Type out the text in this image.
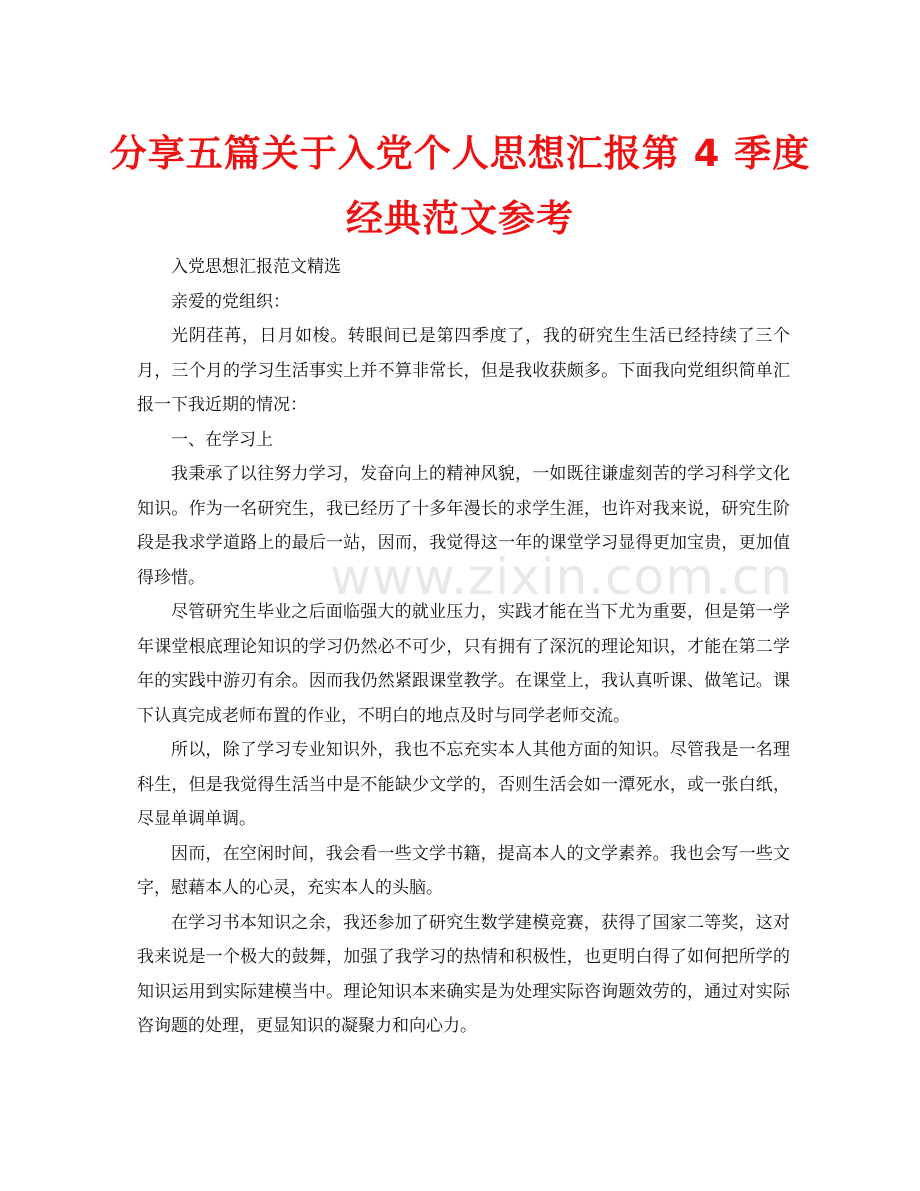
分享五篇关于入党个人思想汇报第 4 季度
经典范文参考

入党思想汇报范文精选

亲爱的党组织：

光阴荏苒，日月如梭。转眼间已是第四季度了，我的研究生生活已经持续了三个月，三个月的学习生活事实上并不算非常长，但是我收获颇多。下面我向党组织简单汇报一下我近期的情况：

一、在学习上

我秉承了以往努力学习，发奋向上的精神风貌，一如既往谦虚刻苦的学习科学文化知识。作为一名研究生，我已经历了十多年漫长的求学生涯，也许对我来说，研究生阶段是我求学道路上的最后一站，因而，我觉得这一年的课堂学习显得更加宝贵，更加值得珍惜。

尽管研究生毕业之后面临强大的就业压力，实践才能在当下尤为重要，但是第一学年课堂根底理论知识的学习仍然必不可少，只有拥有了深沉的理论知识，才能在第二学年的实践中游刃有余。因而我仍然紧跟课堂教学。在课堂上，我认真听课、做笔记。课下认真完成老师布置的作业，不明白的地点及时与同学老师交流。

所以，除了学习专业知识外，我也不忘充实本人其他方面的知识。尽管我是一名理科生，但是我觉得生活当中是不能缺少文学的，否则生活会如一潭死水，或一张白纸，尽显单调单调。

因而，在空闲时间，我会看一些文学书籍，提高本人的文学素养。我也会写一些文字，慰藉本人的心灵，充实本人的头脑。

在学习书本知识之余，我还参加了研究生数学建模竞赛，获得了国家二等奖，这对我来说是一个极大的鼓舞，加强了我学习的热情和积极性，也更明白得了如何把所学的知识运用到实际建模当中。理论知识本来确实是为处理实际咨询题效劳的，通过对实际咨询题的处理，更显知识的凝聚力和向心力。

www.zixin.com.cn
